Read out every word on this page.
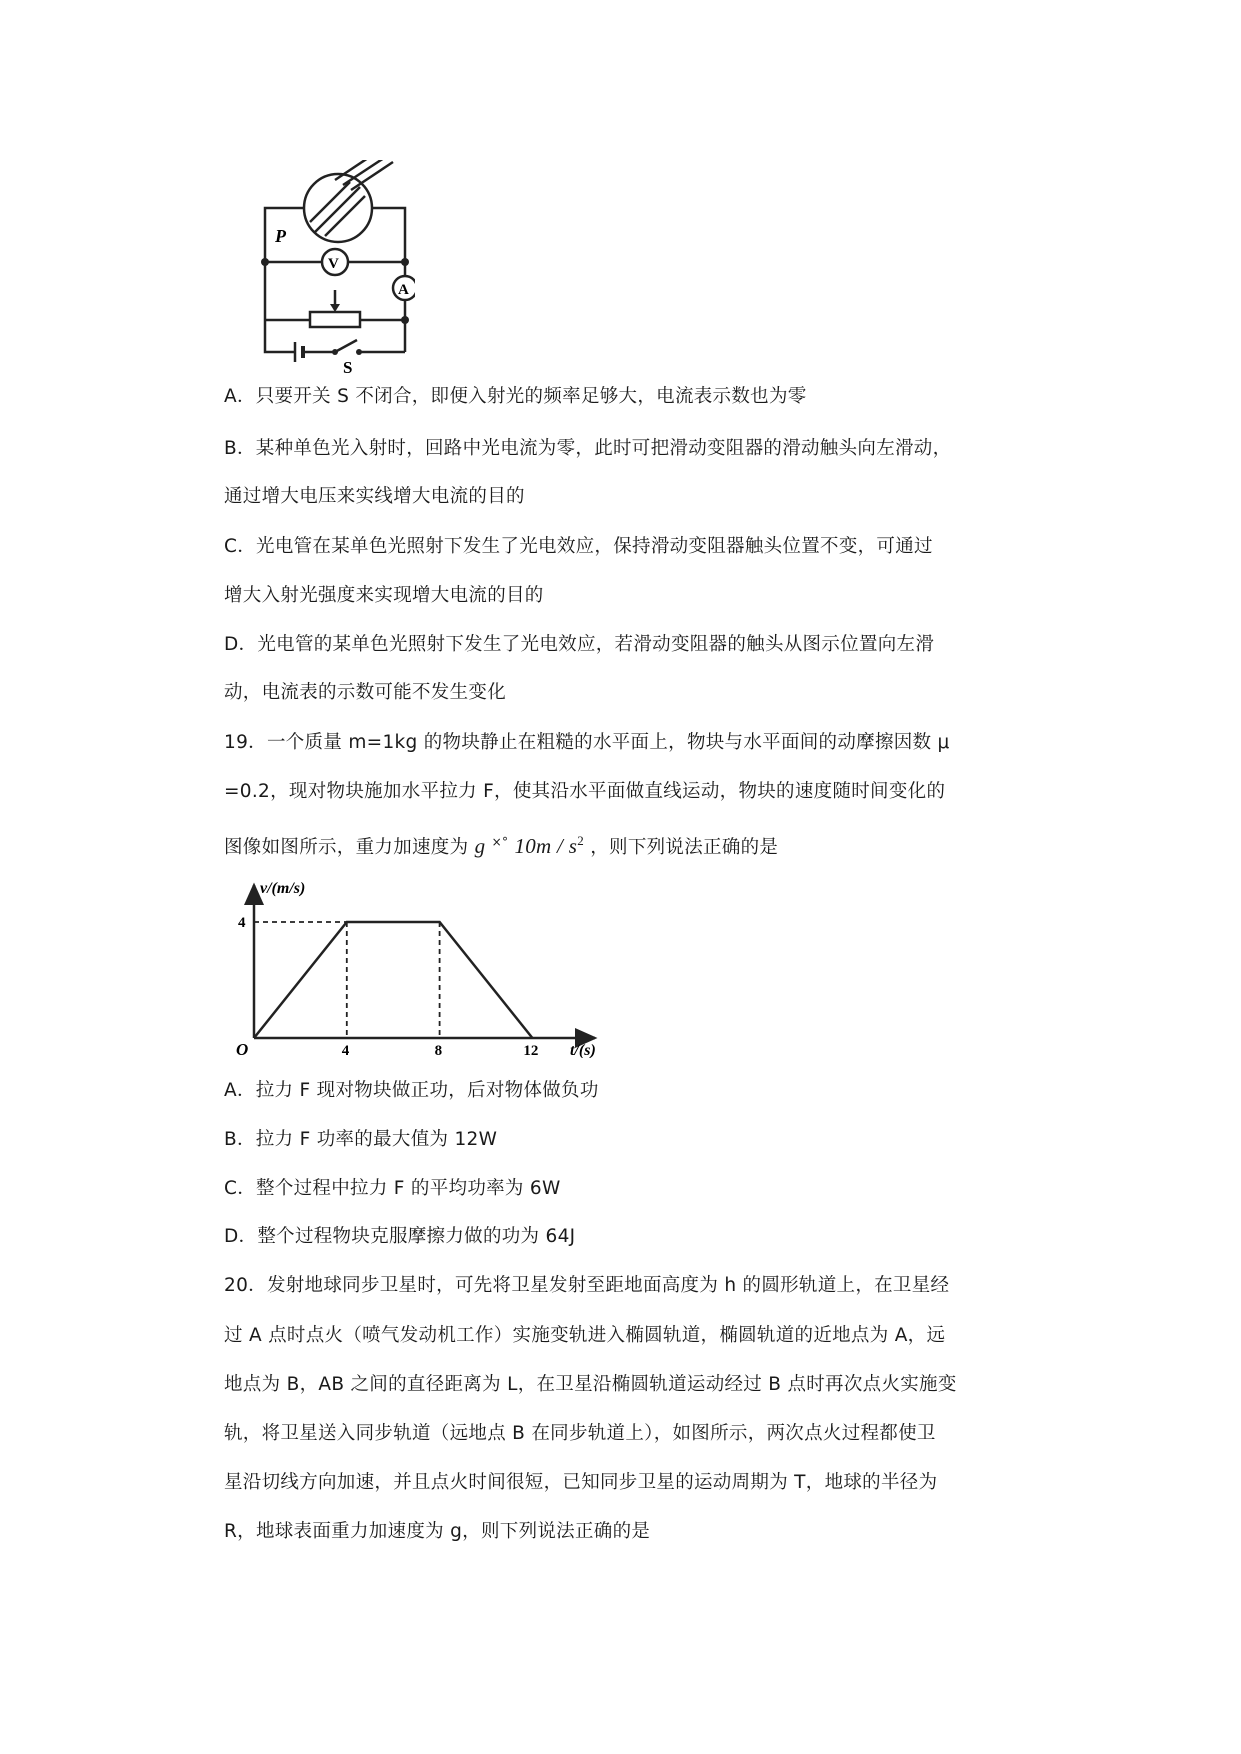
P
V
A
S
A．只要开关 S 不闭合，即便入射光的频率足够大，电流表示数也为零
B．某种单色光入射时，回路中光电流为零，此时可把滑动变阻器的滑动触头向左滑动，
通过增大电压来实线增大电流的目的
C．光电管在某单色光照射下发生了光电效应，保持滑动变阻器触头位置不变，可通过
增大入射光强度来实现增大电流的目的
D．光电管的某单色光照射下发生了光电效应，若滑动变阻器的触头从图示位置向左滑
动，电流表的示数可能不发生变化
19．一个质量 m=1kg 的物块静止在粗糙的水平面上，物块与水平面间的动摩擦因数 μ
=0.2，现对物块施加水平拉力 F，使其沿水平面做直线运动，物块的速度随时间变化的
图像如图所示，重力加速度为 g ×° $10m / s^2$ ，则下列说法正确的是
4	8	12
4
v/(m/s)
t/(s)
O
A．拉力 F 现对物块做正功，后对物体做负功
B．拉力 F 功率的最大值为 12W
C．整个过程中拉力 F 的平均功率为 6W
D．整个过程物块克服摩擦力做的功为 64J
20．发射地球同步卫星时，可先将卫星发射至距地面高度为 h 的圆形轨道上，在卫星经
过 A 点时点火（喷气发动机工作）实施变轨进入椭圆轨道，椭圆轨道的近地点为 A，远
地点为 B，AB 之间的直径距离为 L，在卫星沿椭圆轨道运动经过 B 点时再次点火实施变
轨，将卫星送入同步轨道（远地点 B 在同步轨道上），如图所示，两次点火过程都使卫
星沿切线方向加速，并且点火时间很短，已知同步卫星的运动周期为 T，地球的半径为
R，地球表面重力加速度为 g，则下列说法正确的是
